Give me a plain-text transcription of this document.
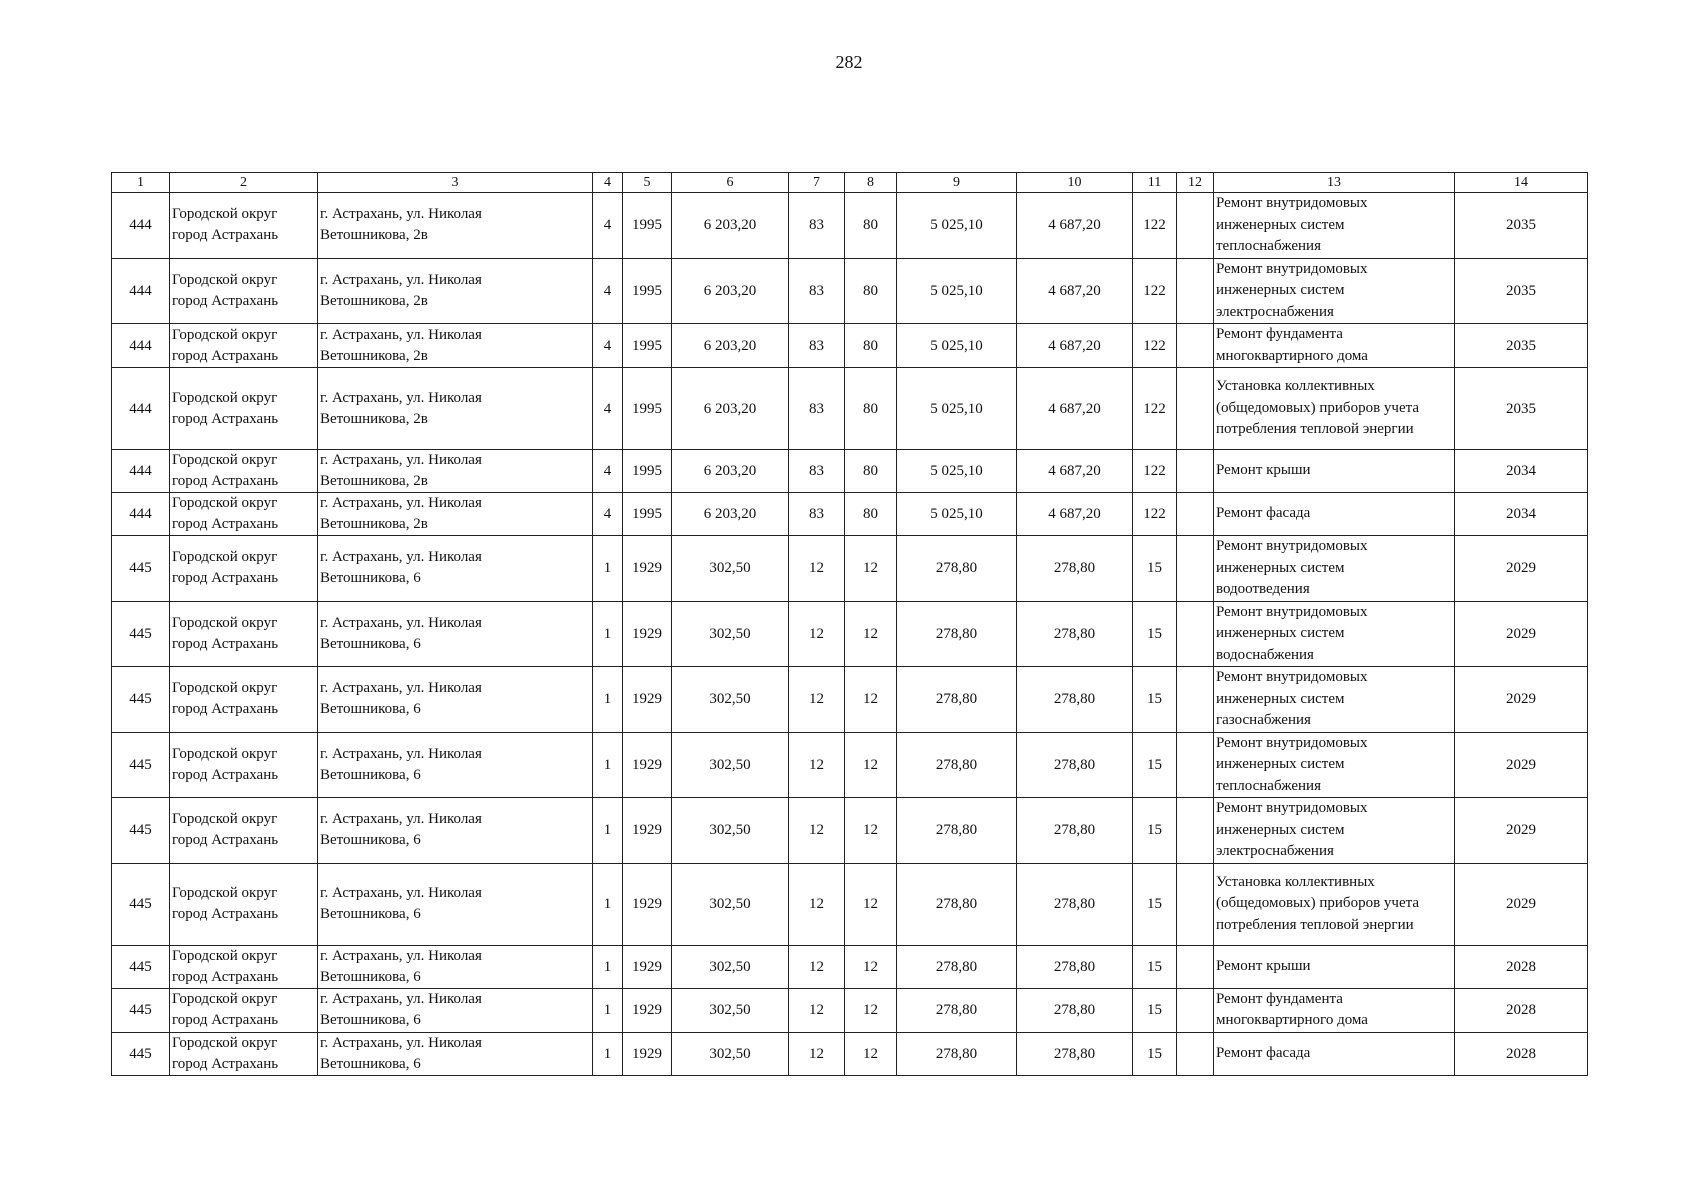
282
1	2	3	4	5	6	7	8	9	10	11	12	13	14
444	Городской округ
город Астрахань	г. Астрахань, ул. Николая
Ветошникова, 2в	4	1995	6 203,20	83	80	5 025,10	4 687,20	122		Ремонт внутридомовых
инженерных систем
теплоснабжения	2035
444	Городской округ
город Астрахань	г. Астрахань, ул. Николая
Ветошникова, 2в	4	1995	6 203,20	83	80	5 025,10	4 687,20	122		Ремонт внутридомовых
инженерных систем
электроснабжения	2035
444	Городской округ
город Астрахань	г. Астрахань, ул. Николая
Ветошникова, 2в	4	1995	6 203,20	83	80	5 025,10	4 687,20	122		Ремонт фундамента
многоквартирного дома	2035
444	Городской округ
город Астрахань	г. Астрахань, ул. Николая
Ветошникова, 2в	4	1995	6 203,20	83	80	5 025,10	4 687,20	122		Установка коллективных
(общедомовых) приборов учета
потребления тепловой энергии	2035
444	Городской округ
город Астрахань	г. Астрахань, ул. Николая
Ветошникова, 2в	4	1995	6 203,20	83	80	5 025,10	4 687,20	122		Ремонт крыши	2034
444	Городской округ
город Астрахань	г. Астрахань, ул. Николая
Ветошникова, 2в	4	1995	6 203,20	83	80	5 025,10	4 687,20	122		Ремонт фасада	2034
445	Городской округ
город Астрахань	г. Астрахань, ул. Николая
Ветошникова, 6	1	1929	302,50	12	12	278,80	278,80	15		Ремонт внутридомовых
инженерных систем
водоотведения	2029
445	Городской округ
город Астрахань	г. Астрахань, ул. Николая
Ветошникова, 6	1	1929	302,50	12	12	278,80	278,80	15		Ремонт внутридомовых
инженерных систем
водоснабжения	2029
445	Городской округ
город Астрахань	г. Астрахань, ул. Николая
Ветошникова, 6	1	1929	302,50	12	12	278,80	278,80	15		Ремонт внутридомовых
инженерных систем
газоснабжения	2029
445	Городской округ
город Астрахань	г. Астрахань, ул. Николая
Ветошникова, 6	1	1929	302,50	12	12	278,80	278,80	15		Ремонт внутридомовых
инженерных систем
теплоснабжения	2029
445	Городской округ
город Астрахань	г. Астрахань, ул. Николая
Ветошникова, 6	1	1929	302,50	12	12	278,80	278,80	15		Ремонт внутридомовых
инженерных систем
электроснабжения	2029
445	Городской округ
город Астрахань	г. Астрахань, ул. Николая
Ветошникова, 6	1	1929	302,50	12	12	278,80	278,80	15		Установка коллективных
(общедомовых) приборов учета
потребления тепловой энергии	2029
445	Городской округ
город Астрахань	г. Астрахань, ул. Николая
Ветошникова, 6	1	1929	302,50	12	12	278,80	278,80	15		Ремонт крыши	2028
445	Городской округ
город Астрахань	г. Астрахань, ул. Николая
Ветошникова, 6	1	1929	302,50	12	12	278,80	278,80	15		Ремонт фундамента
многоквартирного дома	2028
445	Городской округ
город Астрахань	г. Астрахань, ул. Николая
Ветошникова, 6	1	1929	302,50	12	12	278,80	278,80	15		Ремонт фасада	2028
